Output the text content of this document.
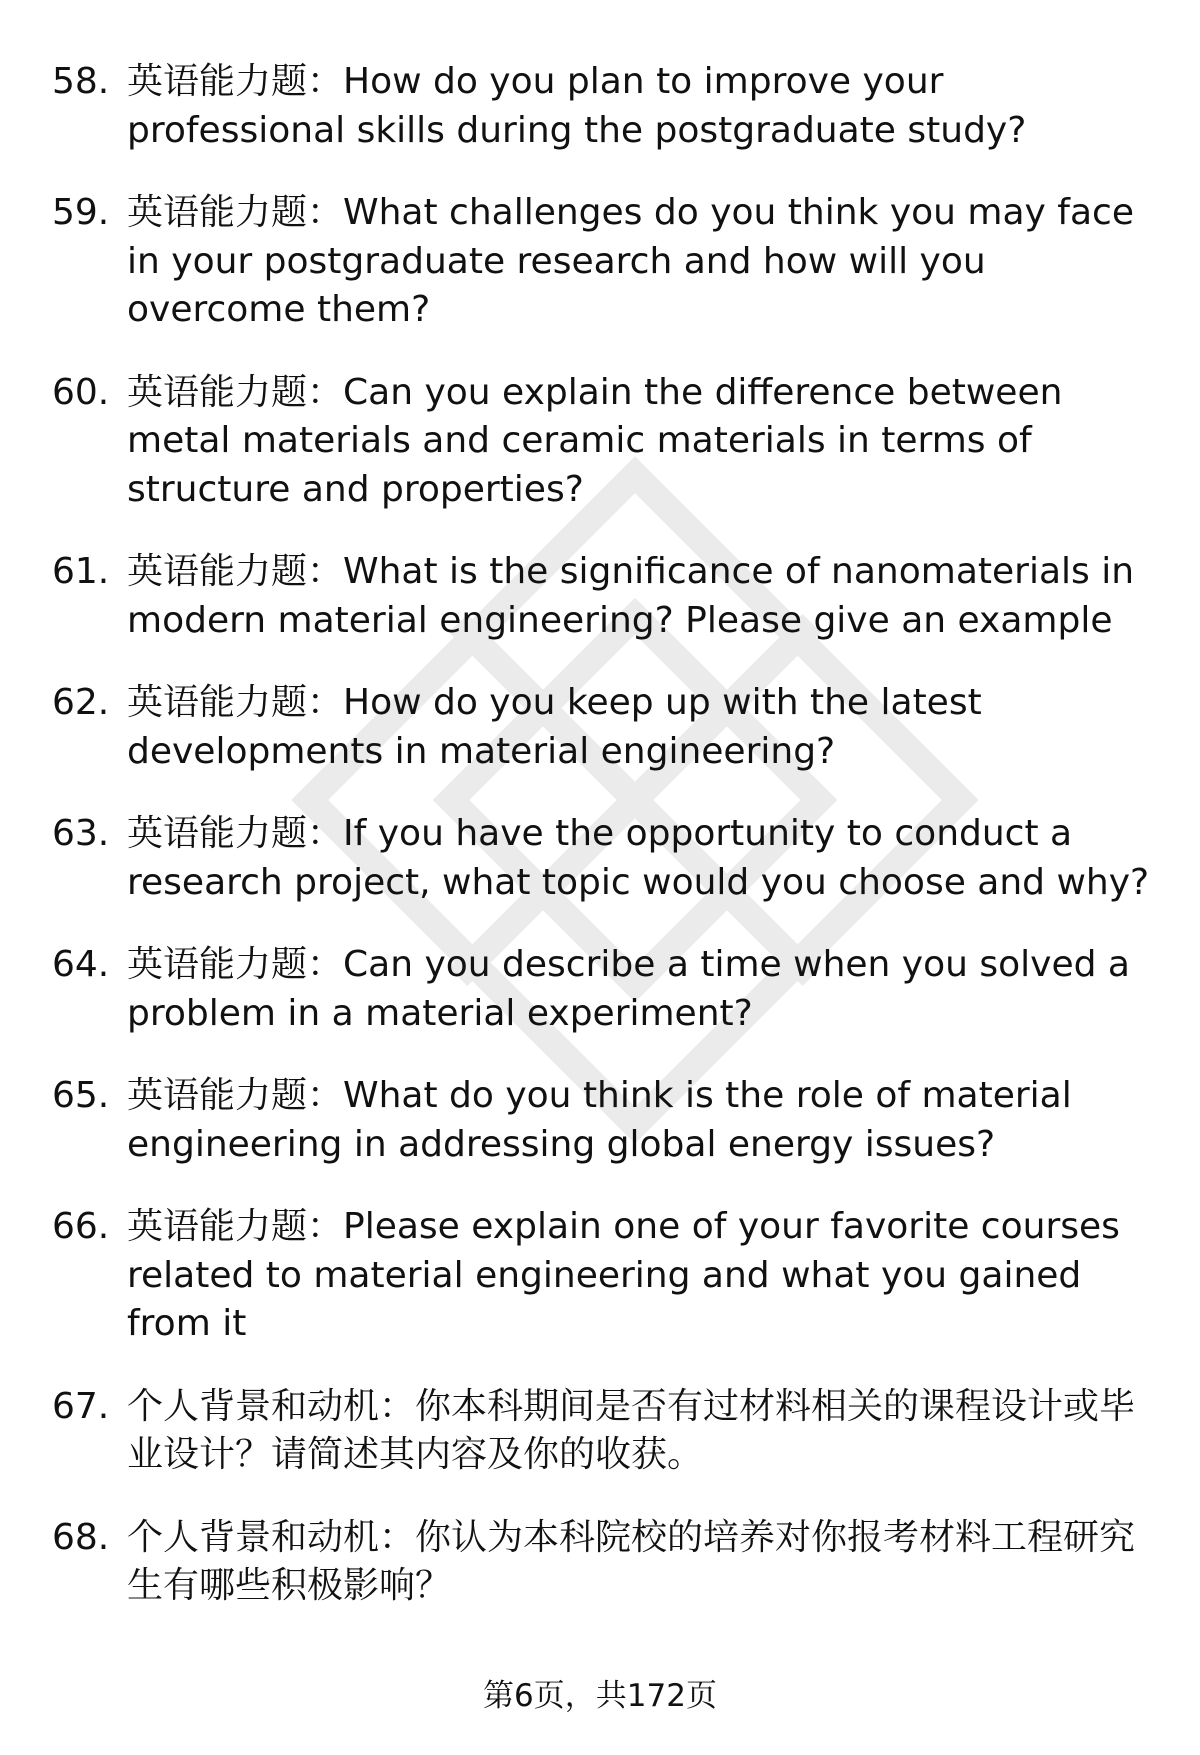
58. 英语能力题：How do you plan to improve your professional skills during the postgraduate study?
59. 英语能力题：What challenges do you think you may face in your postgraduate research and how will you overcome them?
60. 英语能力题：Can you explain the difference between metal materials and ceramic materials in terms of structure and properties?
61. 英语能力题：What is the significance of nanomaterials in modern material engineering? Please give an example
62. 英语能力题：How do you keep up with the latest developments in material engineering?
63. 英语能力题：If you have the opportunity to conduct a research project, what topic would you choose and why?
64. 英语能力题：Can you describe a time when you solved a problem in a material experiment?
65. 英语能力题：What do you think is the role of material engineering in addressing global energy issues?
66. 英语能力题：Please explain one of your favorite courses related to material engineering and what you gained from it
67. 个人背景和动机：你本科期间是否有过材料相关的课程设计或毕业设计？请简述其内容及你的收获。
68. 个人背景和动机：你认为本科院校的培养对你报考材料工程研究生有哪些积极影响？
第6页，共172页
